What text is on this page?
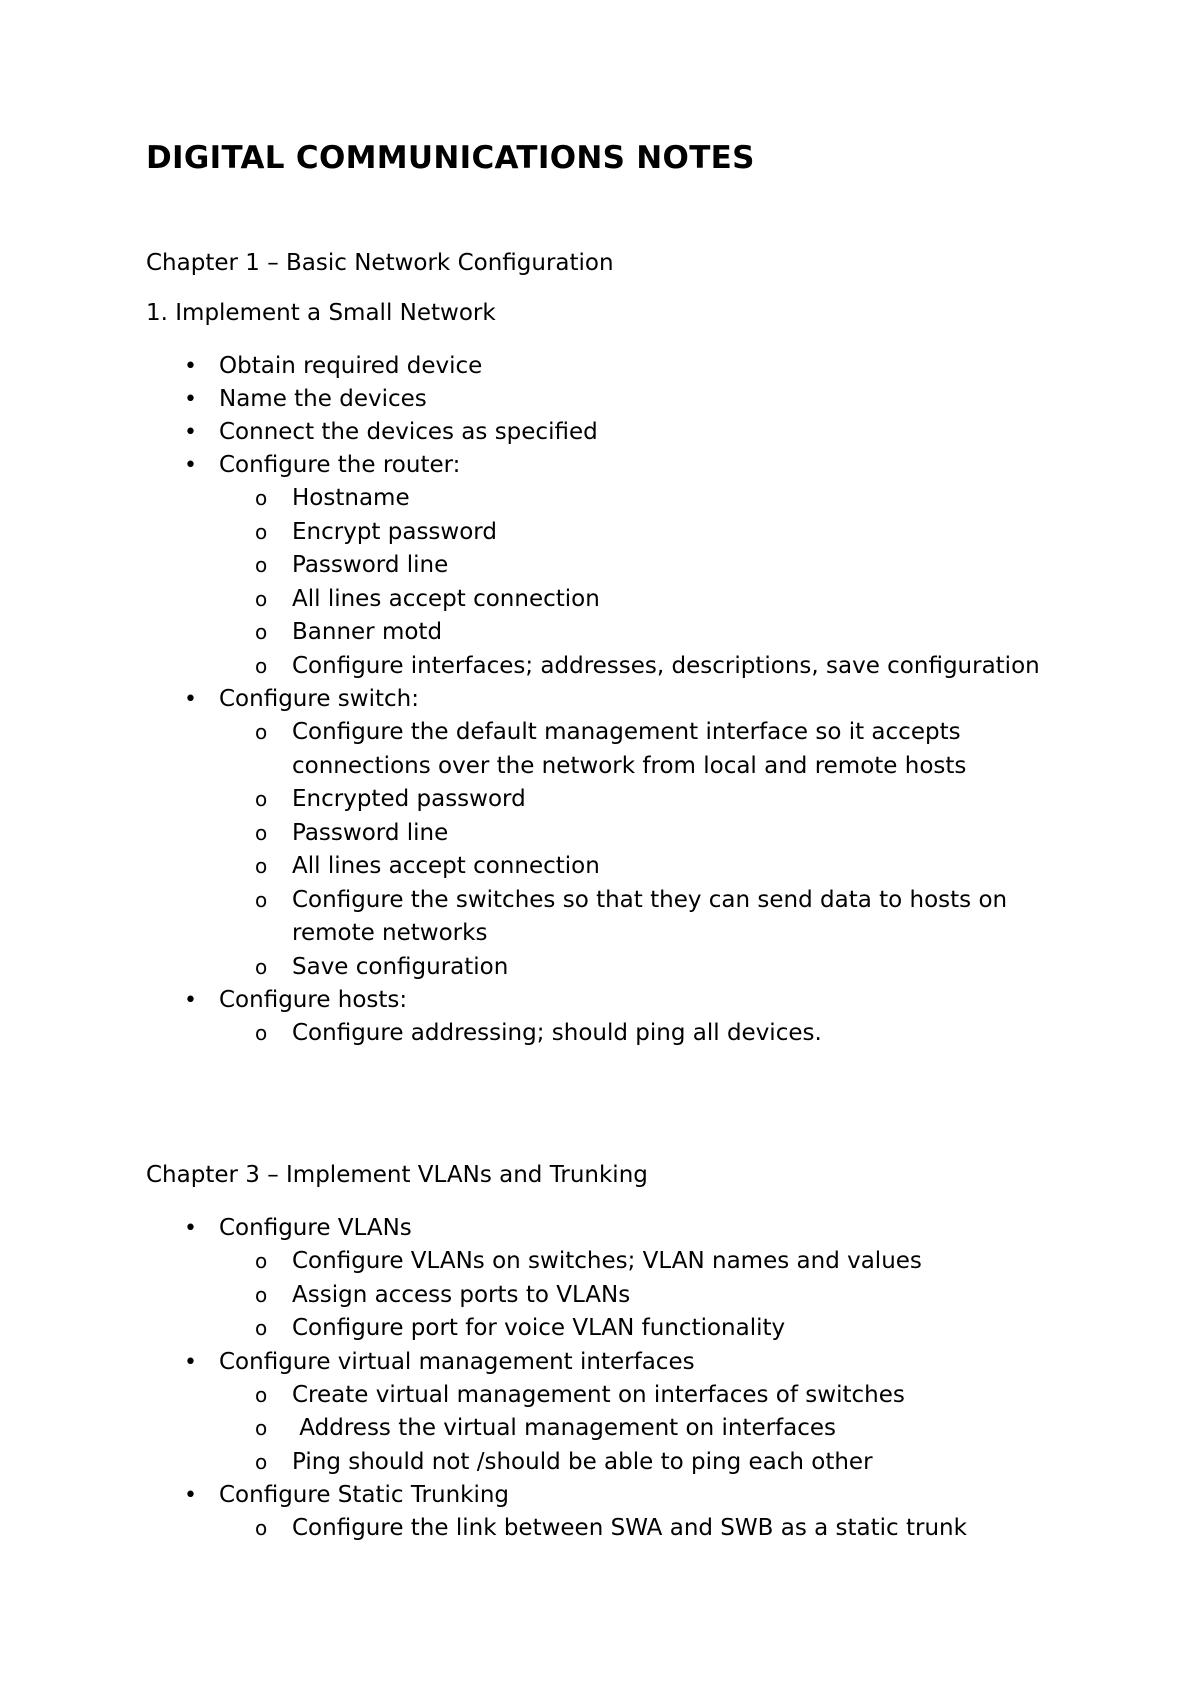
DIGITAL COMMUNICATIONS NOTES

Chapter 1 – Basic Network Configuration

1. Implement a Small Network

• Obtain required device
• Name the devices
• Connect the devices as specified
• Configure the router:
o Hostname
o Encrypt password
o Password line
o All lines accept connection
o Banner motd
o Configure interfaces; addresses, descriptions, save configuration
• Configure switch:
o Configure the default management interface so it accepts connections over the network from local and remote hosts
o Encrypted password
o Password line
o All lines accept connection
o Configure the switches so that they can send data to hosts on remote networks
o Save configuration
• Configure hosts:
o Configure addressing; should ping all devices.

Chapter 3 – Implement VLANs and Trunking

• Configure VLANs
o Configure VLANs on switches; VLAN names and values
o Assign access ports to VLANs
o Configure port for voice VLAN functionality
• Configure virtual management interfaces
o Create virtual management on interfaces of switches
o  Address the virtual management on interfaces
o Ping should not /should be able to ping each other
• Configure Static Trunking
o Configure the link between SWA and SWB as a static trunk
